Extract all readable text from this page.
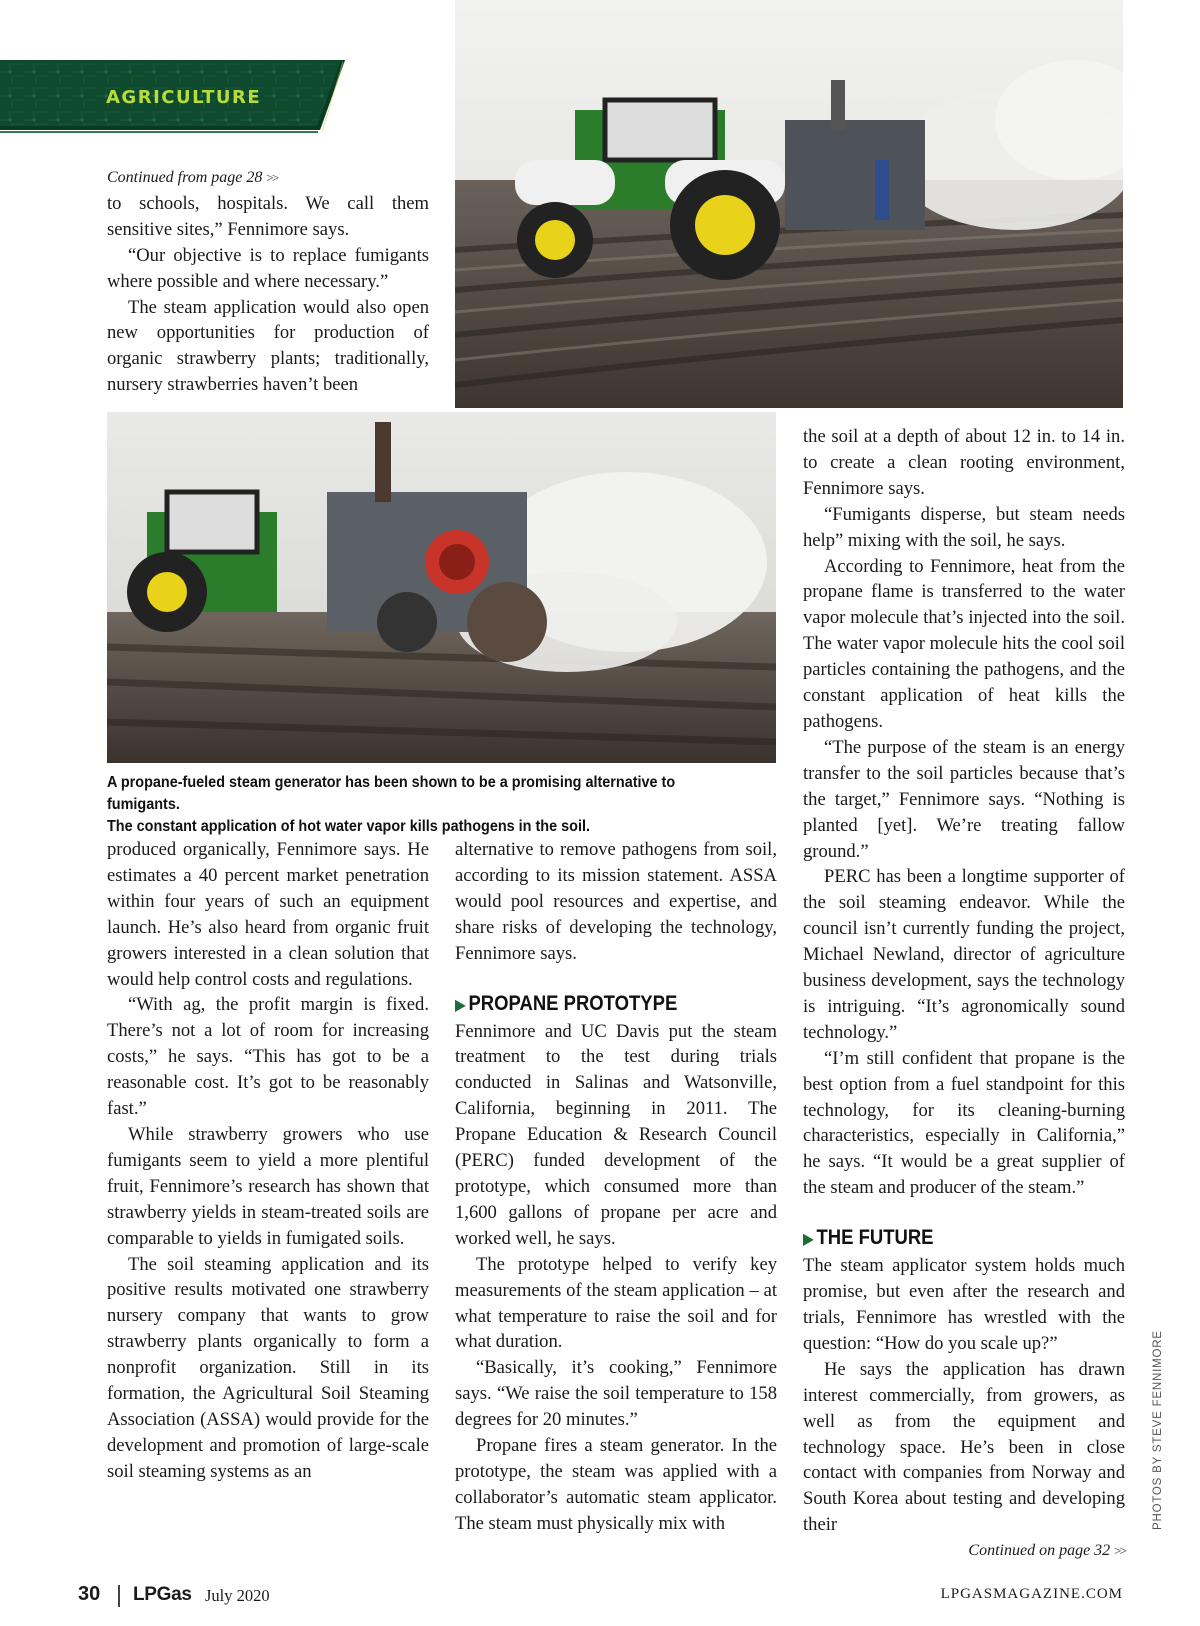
AGRICULTURE
A propane-fueled steam generator has been shown to be a promising alternative to fumigants.
The constant application of hot water vapor kills pathogens in the soil.

Continued from page 28 >>

to schools, hospitals. We call them sensitive sites,” Fennimore says.

“Our objective is to replace fumigants where possible and where necessary.”

The steam application would also open new opportunities for production of organic strawberry plants; traditionally, nursery strawberries haven’t been

produced organically, Fennimore says. He estimates a 40 percent market penetration within four years of such an equipment launch. He’s also heard from organic fruit growers interested in a clean solution that would help control costs and regulations.

“With ag, the profit margin is fixed. There’s not a lot of room for increasing costs,” he says. “This has got to be a reasonable cost. It’s got to be reasonably fast.”

While strawberry growers who use fumigants seem to yield a more plentiful fruit, Fennimore’s research has shown that strawberry yields in steam-treated soils are comparable to yields in fumigated soils.

The soil steaming application and its positive results motivated one strawberry nursery company that wants to grow strawberry plants organically to form a nonprofit organization. Still in its formation, the Agricultural Soil Steaming Association (ASSA) would provide for the development and promotion of large-scale soil steaming systems as an

alternative to remove pathogens from soil, according to its mission statement. ASSA would pool resources and expertise, and share risks of developing the technology, Fennimore says.

▶ PROPANE PROTOTYPE

Fennimore and UC Davis put the steam treatment to the test during trials conducted in Salinas and Watsonville, California, beginning in 2011. The Propane Education & Research Council (PERC) funded development of the prototype, which consumed more than 1,600 gallons of propane per acre and worked well, he says.

The prototype helped to verify key measurements of the steam application – at what temperature to raise the soil and for what duration.

“Basically, it’s cooking,” Fennimore says. “We raise the soil temperature to 158 degrees for 20 minutes.”

Propane fires a steam generator. In the prototype, the steam was applied with a collaborator’s automatic steam applicator. The steam must physically mix with

the soil at a depth of about 12 in. to 14 in. to create a clean rooting environment, Fennimore says.

“Fumigants disperse, but steam needs help” mixing with the soil, he says.

According to Fennimore, heat from the propane flame is transferred to the water vapor molecule that’s injected into the soil. The water vapor molecule hits the cool soil particles containing the pathogens, and the constant application of heat kills the pathogens.

“The purpose of the steam is an energy transfer to the soil particles because that’s the target,” Fennimore says. “Nothing is planted [yet]. We’re treating fallow ground.”

PERC has been a longtime supporter of the soil steaming endeavor. While the council isn’t currently funding the project, Michael Newland, director of agriculture business development, says the technology is intriguing. “It’s agronomically sound technology.”

“I’m still confident that propane is the best option from a fuel standpoint for this technology, for its cleaning-burning characteristics, especially in California,” he says. “It would be a great supplier of the steam and producer of the steam.”

▶ THE FUTURE

The steam applicator system holds much promise, but even after the research and trials, Fennimore has wrestled with the question: “How do you scale up?”

He says the application has drawn interest commercially, from growers, as well as from the equipment and technology space. He’s been in close contact with companies from Norway and South Korea about testing and developing their

Continued on page 32 >>

PHOTOS BY STEVE FENNIMORE
30 LPGas July 2020	LPGASMAGAZINE.COM
